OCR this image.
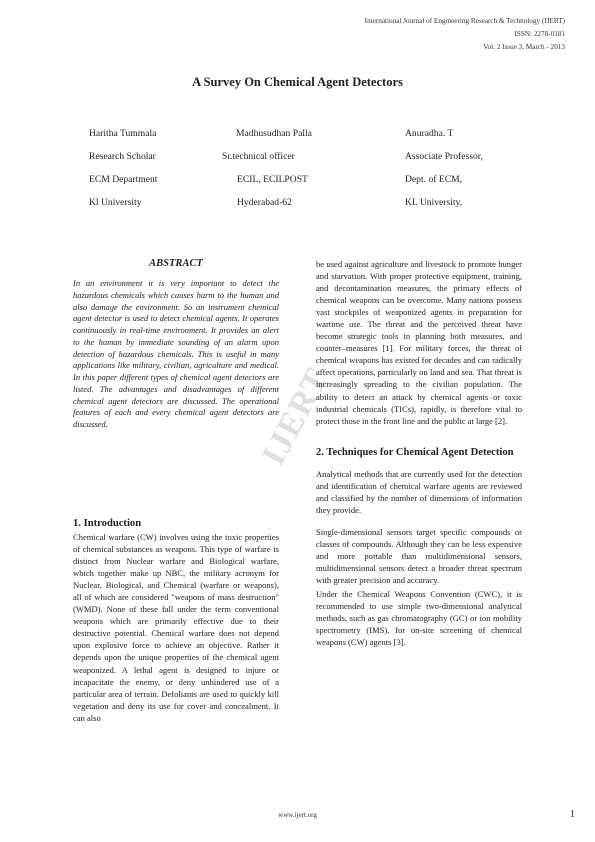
International Journal of Engineering Research & Technology (IJERT)
ISSN: 2278-0181
Vol. 2 Issue 3, March - 2013
A Survey On Chemical Agent Detectors
Haritha Tummala
Research Scholar
ECM Department
Kl University
Madhusudhan Palla
Sr.technical officer
ECIL, ECILPOST
Hyderabad-62
Anuradha. T
Associate Professor,
Dept. of ECM,
KL University,
IJERT
ABSTRACT

In an environment it is very important to detect the hazardous chemicals which causes harm to the human and also damage the environment. So an instrument chemical agent detector is used to detect chemical agents. It operates continuously in real-time environment. It provides an alert to the human by immediate sounding of an alarm upon detection of hazardous chemicals. This is useful in many applications like military, civilian, agriculture and medical. In this paper different types of chemical agent detectors are listed. The advantages and disadvantages of different chemical agent detectors are discussed. The operational features of each and every chemical agent detectors are discussed.

1. Introduction

Chemical warfare (CW) involves using the toxic properties of chemical substances as weapons. This type of warfare is distinct from Nuclear warfare and Biological warfare, which together make up NBC, the military acronym for Nuclear, Biological, and Chemical (warfare or weapons), all of which are considered "weapons of mass destruction" (WMD). None of these fall under the term conventional weapons which are primarily effective due to their destructive potential. Chemical warfare does not depend upon explosive force to achieve an objective. Rather it depends upon the unique properties of the chemical agent weaponized. A lethal agent is designed to injure or incapacitate the enemy, or deny unhindered use of a particular area of terrain. Defoliants are used to quickly kill vegetation and deny its use for cover and concealment. It can also

be used against agriculture and livestock to promote hunger and starvation. With proper protective equipment, training, and decontamination measures, the primary effects of chemical weapons can be overcome. Many nations possess vast stockpiles of weaponized agents in preparation for wartime use. The threat and the perceived threat have become strategic tools in planning both measures, and counter–measures [1]. For military forces, the threat of chemical weapons has existed for decades and can radically affect operations, particularly on land and sea. That threat is increasingly spreading to the civilian population. The ability to detect an attack by chemical agents or toxic industrial chemicals (TICs), rapidly, is therefore vital to protect those in the front line and the public at large [2].

2. Techniques for Chemical Agent Detection

Analytical methods that are currently used for the detection and identification of chemical warfare agents are reviewed and classified by the number of dimensions of information they provide.

Single-dimensional sensors target specific compounds or classes of compounds. Although they can be less expensive and more portable than multidimensional sensors, multidimensional sensors detect a broader threat spectrum with greater precision and accuracy.

Under the Chemical Weapons Convention (CWC), it is recommended to use simple two-dimensional analytical methods, such as gas chromatography (GC) or ion mobility spectrometry (IMS), for on-site screening of chemical weapons (CW) agents [3].

www.ijert.org	1
